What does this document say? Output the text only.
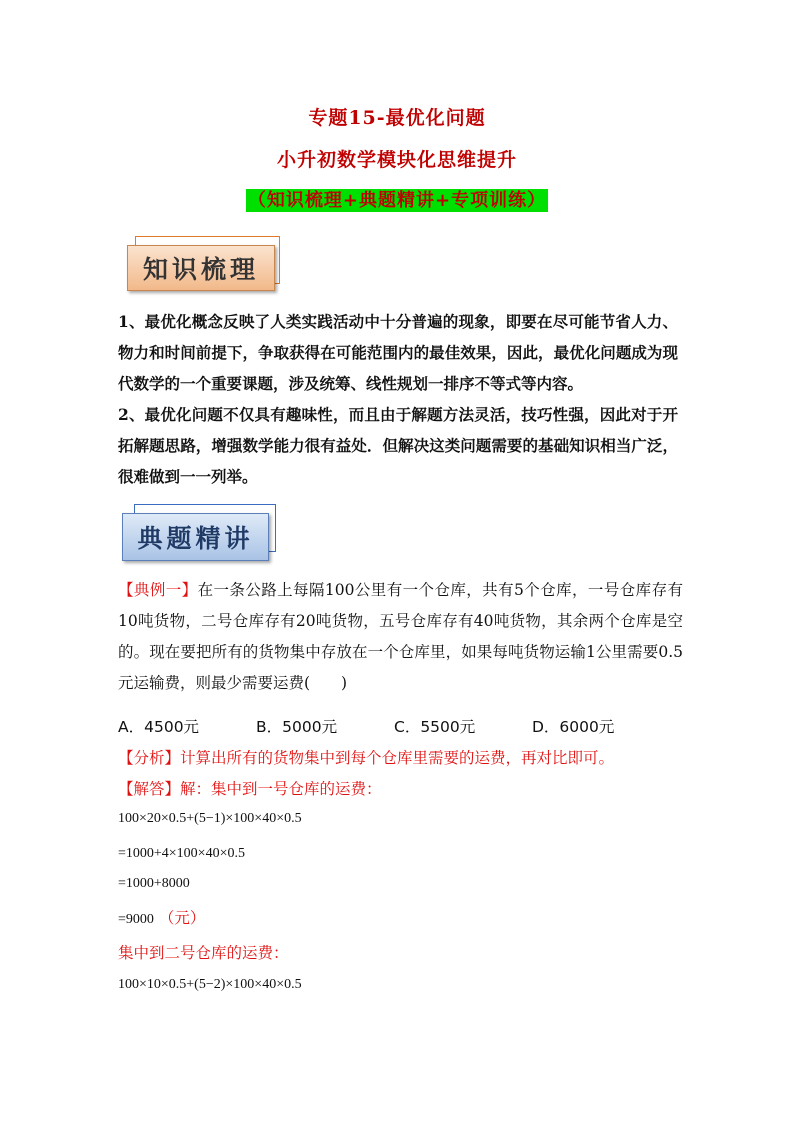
专题15-最优化问题
小升初数学模块化思维提升
（知识梳理+典题精讲+专项训练）
知识梳理
1、最优化概念反映了人类实践活动中十分普遍的现象，即要在尽可能节省人力、物力和时间前提下，争取获得在可能范围内的最佳效果，因此，最优化问题成为现代数学的一个重要课题，涉及统筹、线性规划一排序不等式等内容。
2、最优化问题不仅具有趣味性，而且由于解题方法灵活，技巧性强，因此对于开拓解题思路，增强数学能力很有益处．但解决这类问题需要的基础知识相当广泛，很难做到一一列举。
典题精讲
【典例一】在一条公路上每隔100公里有一个仓库，共有5个仓库，一号仓库存有10吨货物，二号仓库存有20吨货物，五号仓库存有40吨货物，其余两个仓库是空的。现在要把所有的货物集中存放在一个仓库里，如果每吨货物运输1公里需要0.5元运输费，则最少需要运费(　　)
A．4500元	B．5000元	C．5500元	D．6000元
【分析】计算出所有的货物集中到每个仓库里需要的运费，再对比即可。
【解答】解：集中到一号仓库的运费：
100×20×0.5+(5−1)×100×40×0.5
=1000+4×100×40×0.5
=1000+8000
=9000 （元）
集中到二号仓库的运费：
100×10×0.5+(5−2)×100×40×0.5
